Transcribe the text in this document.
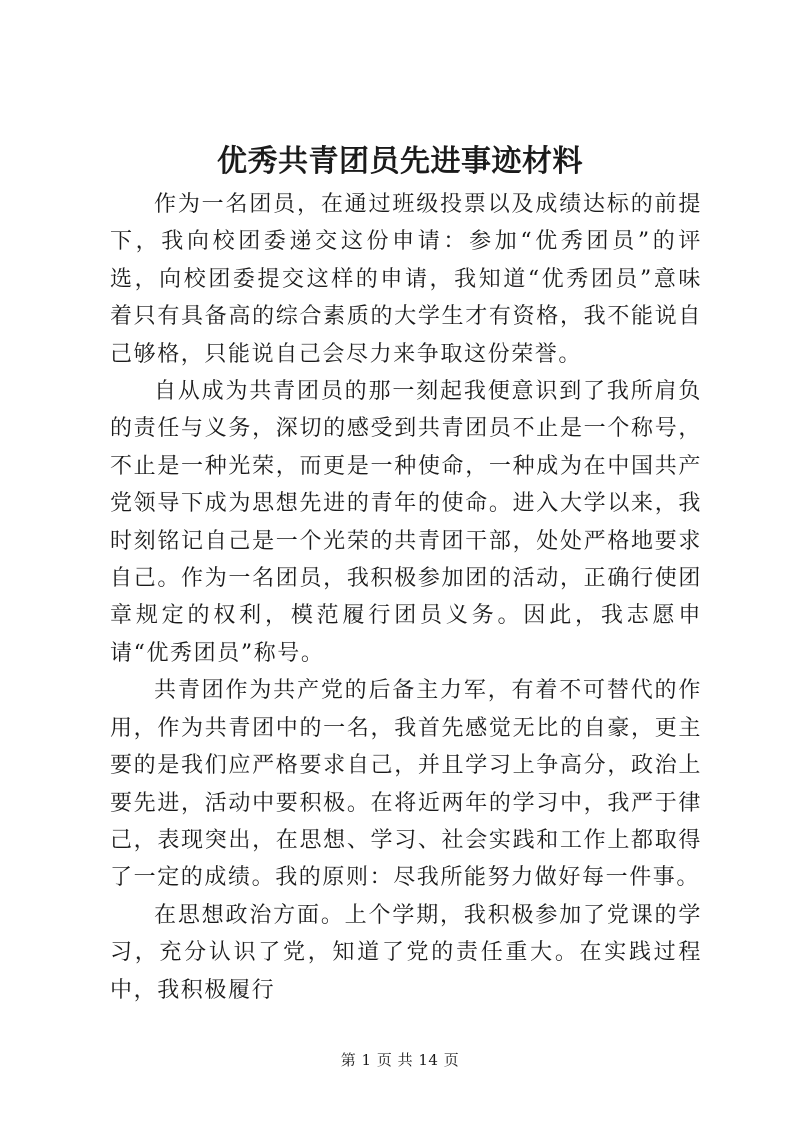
优秀共青团员先进事迹材料

作为一名团员，在通过班级投票以及成绩达标的前提下，我向校团委递交这份申请：参加“优秀团员”的评选，向校团委提交这样的申请，我知道“优秀团员”意味着只有具备高的综合素质的大学生才有资格，我不能说自己够格，只能说自己会尽力来争取这份荣誉。

自从成为共青团员的那一刻起我便意识到了我所肩负的责任与义务，深切的感受到共青团员不止是一个称号，不止是一种光荣，而更是一种使命，一种成为在中国共产党领导下成为思想先进的青年的使命。进入大学以来，我时刻铭记自己是一个光荣的共青团干部，处处严格地要求自己。作为一名团员，我积极参加团的活动，正确行使团章规定的权利，模范履行团员义务。因此，我志愿申请“优秀团员”称号。

共青团作为共产党的后备主力军，有着不可替代的作用，作为共青团中的一名，我首先感觉无比的自豪，更主要的是我们应严格要求自己，并且学习上争高分，政治上要先进，活动中要积极。在将近两年的学习中，我严于律己，表现突出，在思想、学习、社会实践和工作上都取得了一定的成绩。我的原则：尽我所能努力做好每一件事。

在思想政治方面。上个学期，我积极参加了党课的学习，充分认识了党，知道了党的责任重大。在实践过程中，我积极履行

第 1 页 共 14 页
